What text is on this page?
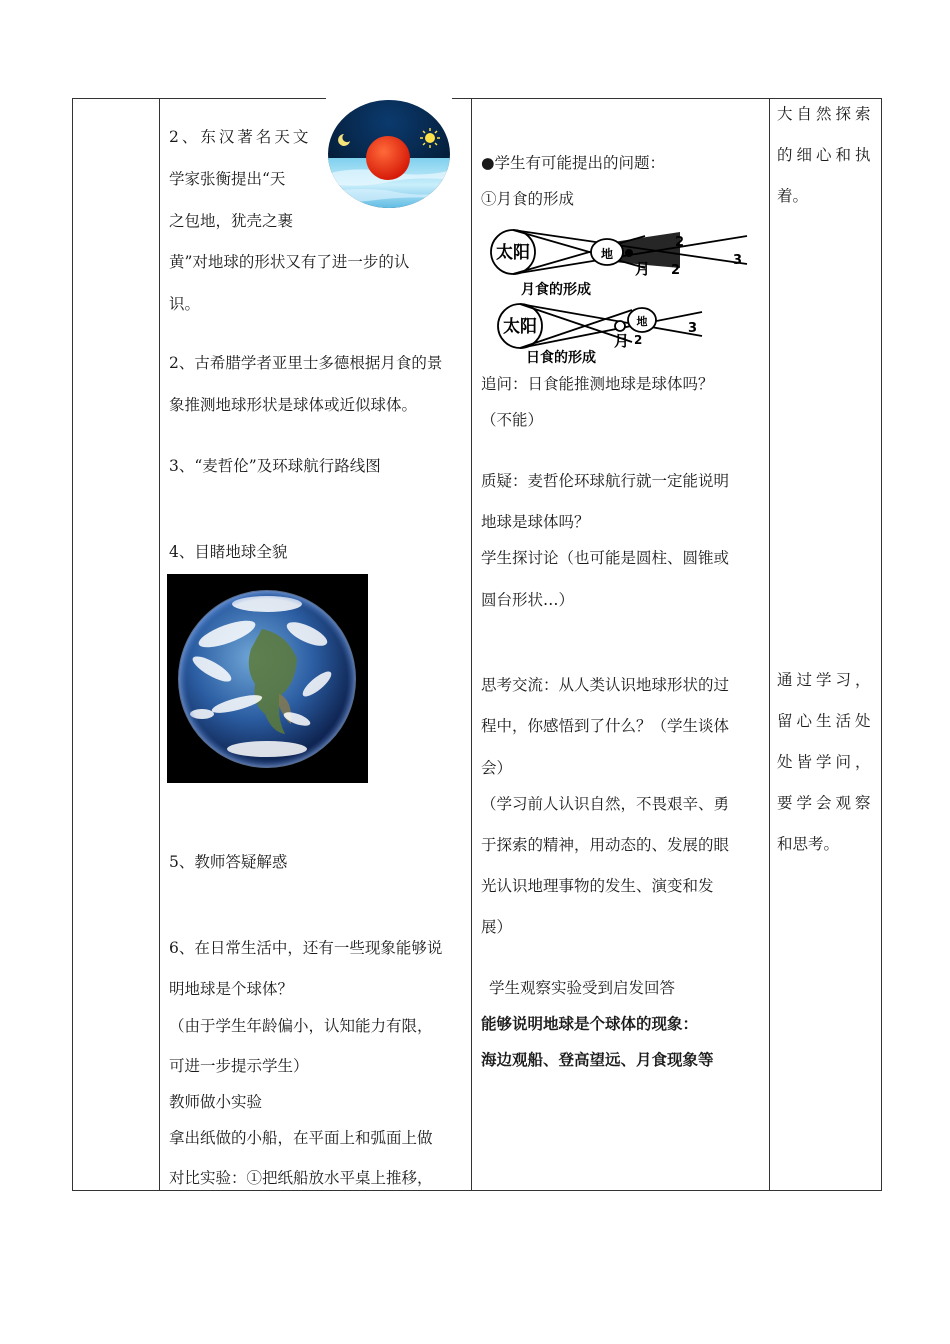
2、东汉著名天文
学家张衡提出“天
之包地，犹壳之裹
黄”对地球的形状又有了进一步的认
识。
2、古希腊学者亚里士多德根据月食的景
象推测地球形状是球体或近似球体。
3、“麦哲伦”及环球航行路线图
4、目睹地球全貌
5、教师答疑解惑
6、在日常生活中，还有一些现象能够说
明地球是个球体？
（由于学生年龄偏小，认知能力有限，
可进一步提示学生）
教师做小实验
拿出纸做的小船，在平面上和弧面上做
对比实验：①把纸船放水平桌上推移，
●学生有可能提出的问题：
①月食的形成
太阳	地
月
2
2
3
月食的形成
太阳	地
月 2
3
日食的形成
追问：日食能推测地球是球体吗？
（不能）
质疑：麦哲伦环球航行就一定能说明
地球是球体吗？
学生探讨论（也可能是圆柱、圆锥或
圆台形状…）
思考交流：从人类认识地球形状的过
程中，你感悟到了什么？（学生谈体
会）
（学习前人认识自然，不畏艰辛、勇
于探索的精神，用动态的、发展的眼
光认识地理事物的发生、演变和发
展）
学生观察实验受到启发回答
能够说明地球是个球体的现象：
海边观船、登高望远、月食现象等
大自然探索
的细心和执
着。
通过学习，
留心生活处
处皆学问，
要学会观察
和思考。
